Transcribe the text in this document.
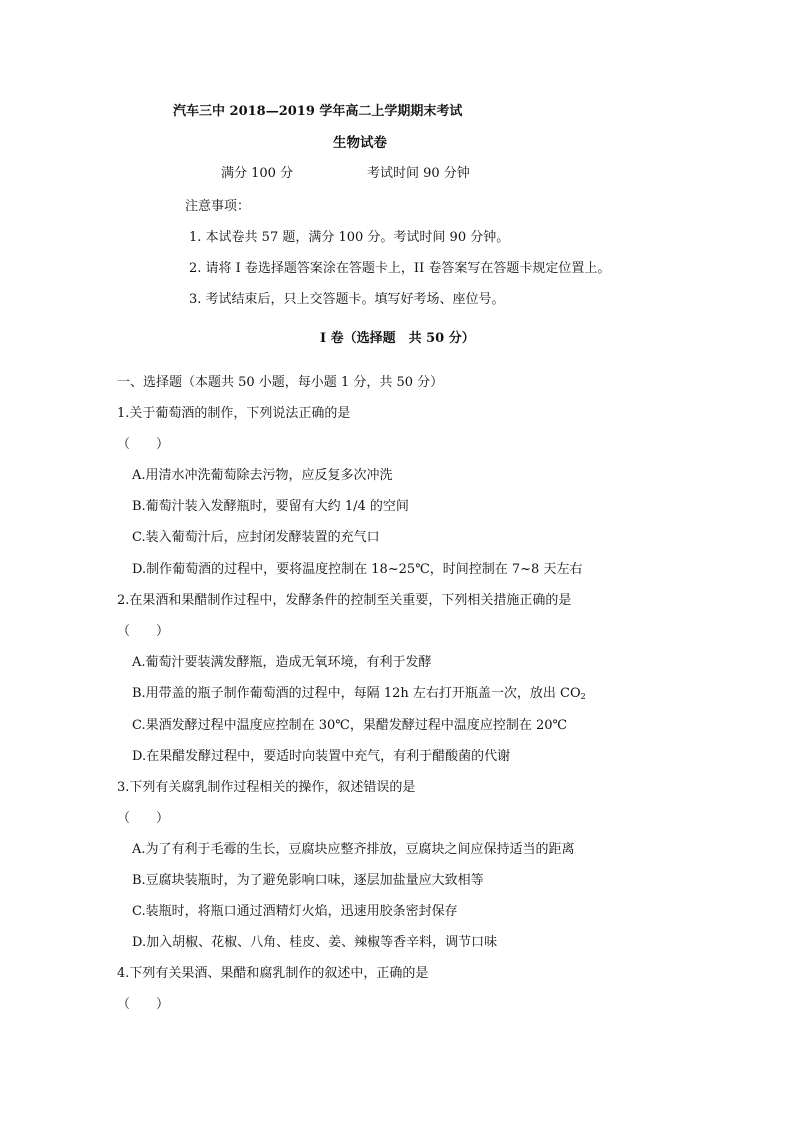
汽车三中 2018—2019 学年高二上学期期末考试
生物试卷
满分 100 分	考试时间 90 分钟
注意事项：
1. 本试卷共 57 题，满分 100 分。考试时间 90 分钟。
2. 请将 I 卷选择题答案涂在答题卡上，II 卷答案写在答题卡规定位置上。
3. 考试结束后，只上交答题卡。填写好考场、座位号。
I 卷（选择题　共 50 分）
一、选择题（本题共 50 小题，每小题 1 分，共 50 分）
1.关于葡萄酒的制作，下列说法正确的是
（　　）
A.用清水冲洗葡萄除去污物，应反复多次冲洗
B.葡萄汁装入发酵瓶时，要留有大约 1/4 的空间
C.装入葡萄汁后，应封闭发酵装置的充气口
D.制作葡萄酒的过程中，要将温度控制在 18~25℃，时间控制在 7~8 天左右
2.在果酒和果醋制作过程中，发酵条件的控制至关重要，下列相关措施正确的是
（　　）
A.葡萄汁要装满发酵瓶，造成无氧环境，有利于发酵
B.用带盖的瓶子制作葡萄酒的过程中，每隔 12h 左右打开瓶盖一次，放出 $CO_2$
C.果酒发酵过程中温度应控制在 30℃，果醋发酵过程中温度应控制在 20℃
D.在果醋发酵过程中，要适时向装置中充气，有利于醋酸菌的代谢
3.下列有关腐乳制作过程相关的操作，叙述错误的是
（　　）
A.为了有利于毛霉的生长，豆腐块应整齐排放，豆腐块之间应保持适当的距离
B.豆腐块装瓶时，为了避免影响口味，逐层加盐量应大致相等
C.装瓶时，将瓶口通过酒精灯火焰，迅速用胶条密封保存
D.加入胡椒、花椒、八角、桂皮、姜、辣椒等香辛料，调节口味
4.下列有关果酒、果醋和腐乳制作的叙述中，正确的是
（　　）
